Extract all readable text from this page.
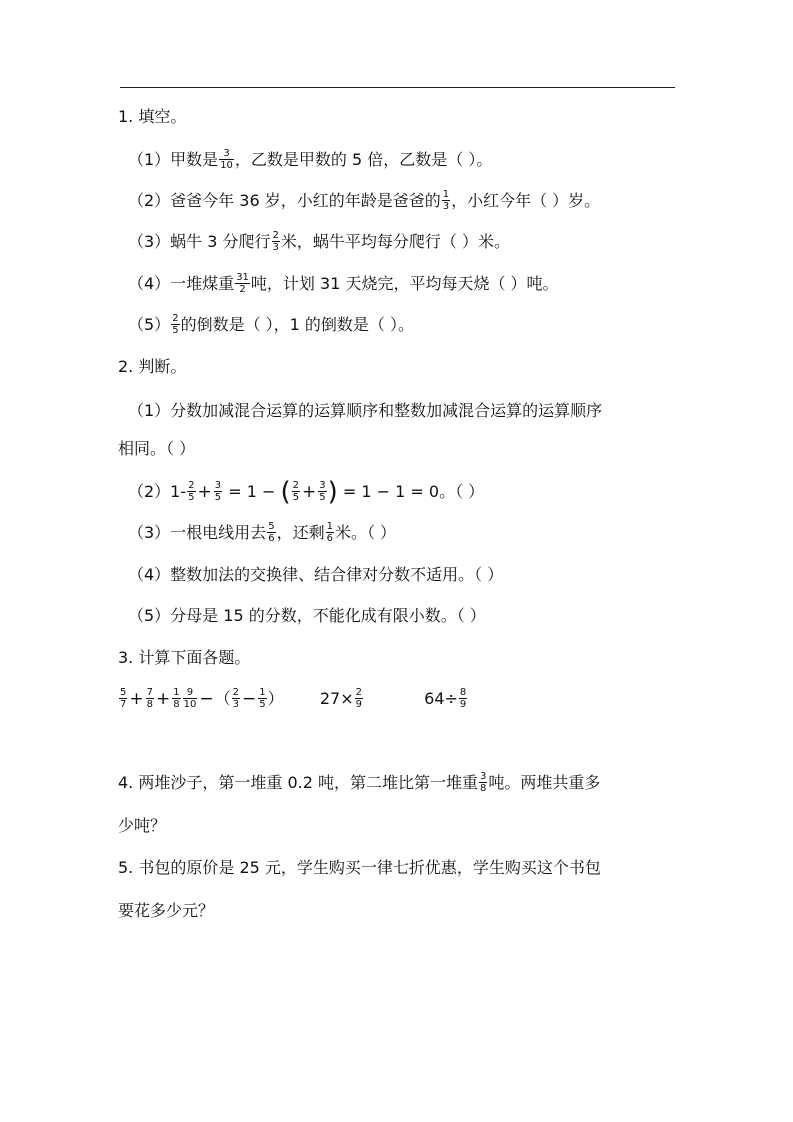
1. 填空。
（1）甲数是 $\frac{3}{10}$ ，乙数是甲数的 5 倍，乙数是（ ）。
（2）爸爸今年 36 岁，小红的年龄是爸爸的 $\frac{1}{3}$ ，小红今年（ ）岁。
（3）蜗牛 3 分爬行 $\frac{2}{3}$ 米，蜗牛平均每分爬行（ ）米。
（4）一堆煤重 $\frac{31}{2}$ 吨，计划 31 天烧完，平均每天烧（ ）吨。
$(5) \frac{2}{5}$ 的倒数是（ ），1 的倒数是（ ）。
2. 判断。
（1）分数加减混合运算的运算顺序和整数加减混合运算的运算顺序
相同。（ ）
$(2)1- \frac{2}{5} + \frac{3}{5} = 1$ − ( $\frac{2}{5} + \frac{3}{5}$ ) = 1 − 1 = 0。（ ）
（3）一根电线用去 $\frac{5}{6}$ ，还剩 $\frac{1}{6}$ 米。（ ）
（4）整数加法的交换律、结合律对分数不适用。（ ）
（5）分母是 15 的分数，不能化成有限小数。（ ）
3. 计算下面各题。
$\frac{5}{7} + \frac{7}{8} + \frac{1}{8} \frac{9}{10}$ −（ $\frac{2}{3} - \frac{1}{5}$ ） $27\times \frac{2}{9}$	$64\div \frac{8}{9}$
4. 两堆沙子，第一堆重 0.2 吨，第二堆比第一堆重 $\frac{3}{8}$ 吨。两堆共重多
少吨？
5. 书包的原价是 25 元，学生购买一律七折优惠，学生购买这个书包
要花多少元？
